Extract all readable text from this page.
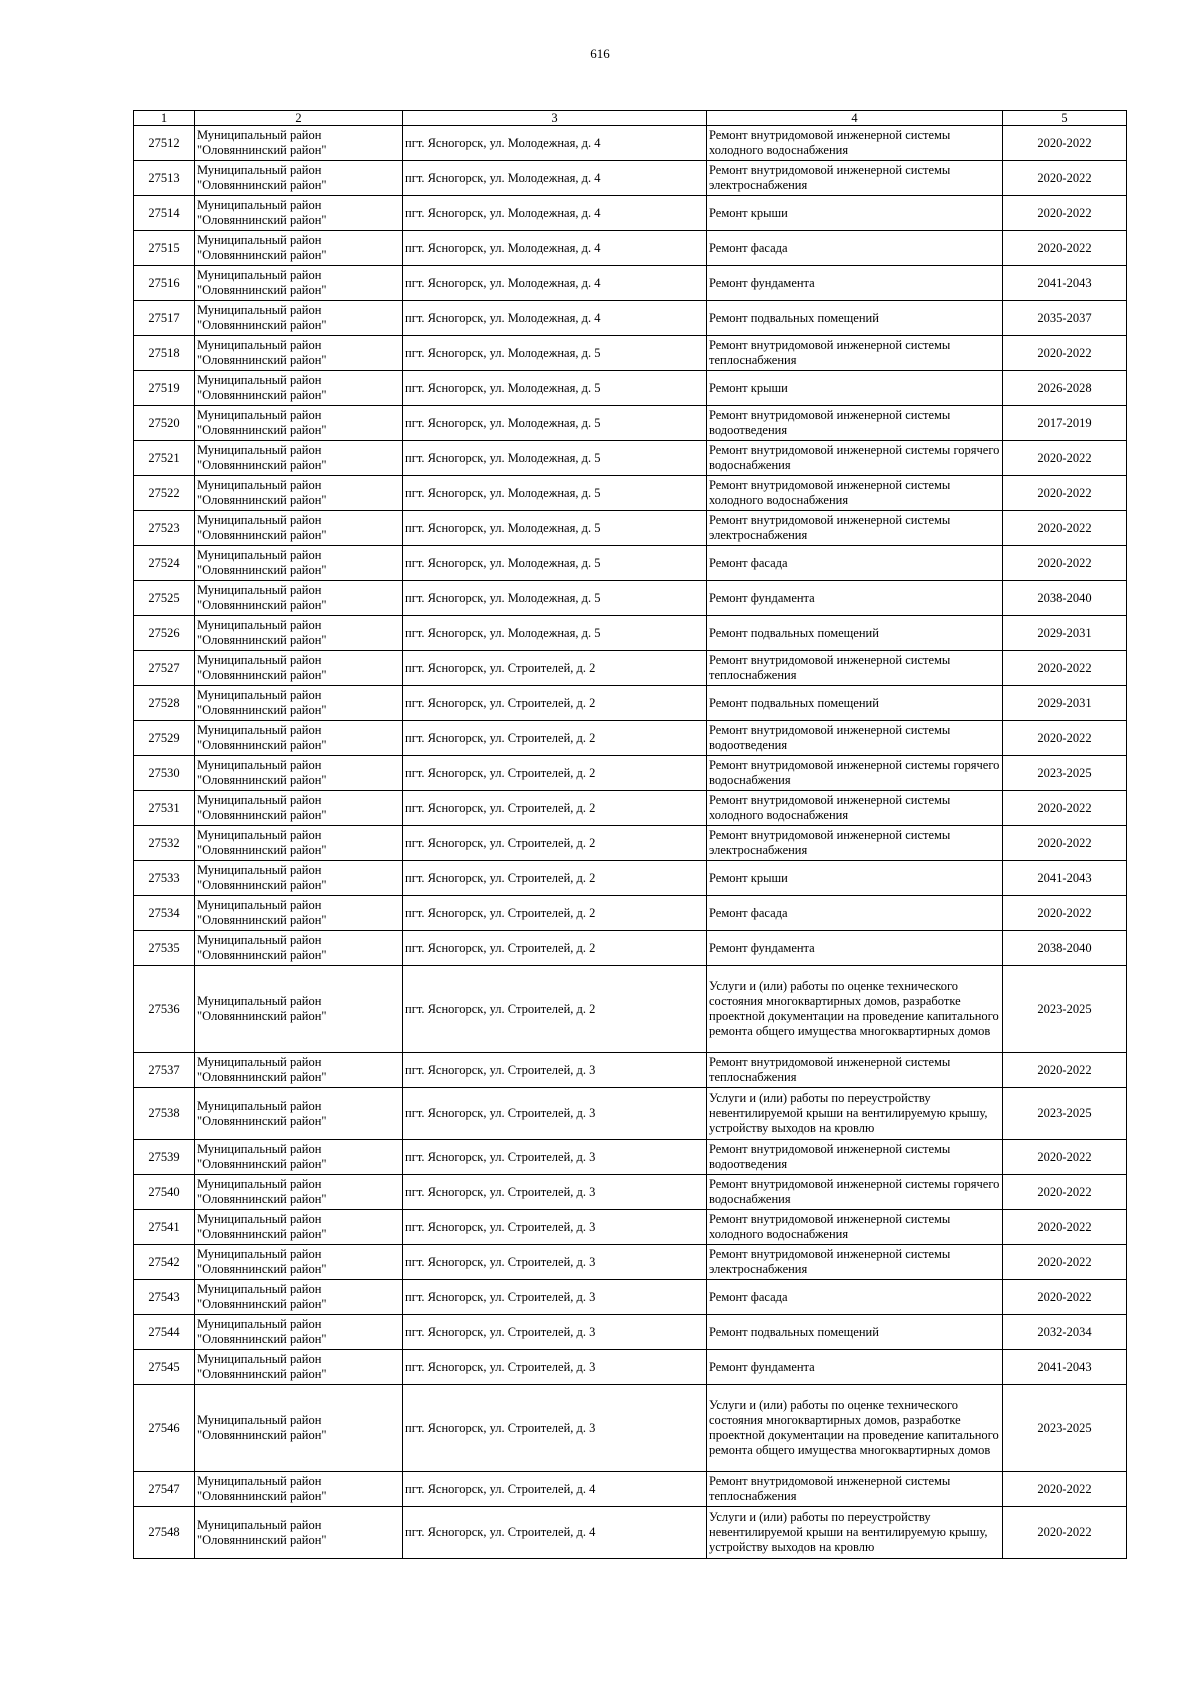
616
1	2	3	4	5
27512	Муниципальный район "Оловяннинский район"	пгт. Ясногорск, ул. Молодежная, д. 4	Ремонт внутридомовой инженерной системы холодного водоснабжения	2020-2022
27513	Муниципальный район "Оловяннинский район"	пгт. Ясногорск, ул. Молодежная, д. 4	Ремонт внутридомовой инженерной системы электроснабжения	2020-2022
27514	Муниципальный район "Оловяннинский район"	пгт. Ясногорск, ул. Молодежная, д. 4	Ремонт крыши	2020-2022
27515	Муниципальный район "Оловяннинский район"	пгт. Ясногорск, ул. Молодежная, д. 4	Ремонт фасада	2020-2022
27516	Муниципальный район "Оловяннинский район"	пгт. Ясногорск, ул. Молодежная, д. 4	Ремонт фундамента	2041-2043
27517	Муниципальный район "Оловяннинский район"	пгт. Ясногорск, ул. Молодежная, д. 4	Ремонт подвальных помещений	2035-2037
27518	Муниципальный район "Оловяннинский район"	пгт. Ясногорск, ул. Молодежная, д. 5	Ремонт внутридомовой инженерной системы теплоснабжения	2020-2022
27519	Муниципальный район "Оловяннинский район"	пгт. Ясногорск, ул. Молодежная, д. 5	Ремонт крыши	2026-2028
27520	Муниципальный район "Оловяннинский район"	пгт. Ясногорск, ул. Молодежная, д. 5	Ремонт внутридомовой инженерной системы водоотведения	2017-2019
27521	Муниципальный район "Оловяннинский район"	пгт. Ясногорск, ул. Молодежная, д. 5	Ремонт внутридомовой инженерной системы горячего водоснабжения	2020-2022
27522	Муниципальный район "Оловяннинский район"	пгт. Ясногорск, ул. Молодежная, д. 5	Ремонт внутридомовой инженерной системы холодного водоснабжения	2020-2022
27523	Муниципальный район "Оловяннинский район"	пгт. Ясногорск, ул. Молодежная, д. 5	Ремонт внутридомовой инженерной системы электроснабжения	2020-2022
27524	Муниципальный район "Оловяннинский район"	пгт. Ясногорск, ул. Молодежная, д. 5	Ремонт фасада	2020-2022
27525	Муниципальный район "Оловяннинский район"	пгт. Ясногорск, ул. Молодежная, д. 5	Ремонт фундамента	2038-2040
27526	Муниципальный район "Оловяннинский район"	пгт. Ясногорск, ул. Молодежная, д. 5	Ремонт подвальных помещений	2029-2031
27527	Муниципальный район "Оловяннинский район"	пгт. Ясногорск, ул. Строителей, д. 2	Ремонт внутридомовой инженерной системы теплоснабжения	2020-2022
27528	Муниципальный район "Оловяннинский район"	пгт. Ясногорск, ул. Строителей, д. 2	Ремонт подвальных помещений	2029-2031
27529	Муниципальный район "Оловяннинский район"	пгт. Ясногорск, ул. Строителей, д. 2	Ремонт внутридомовой инженерной системы водоотведения	2020-2022
27530	Муниципальный район "Оловяннинский район"	пгт. Ясногорск, ул. Строителей, д. 2	Ремонт внутридомовой инженерной системы горячего водоснабжения	2023-2025
27531	Муниципальный район "Оловяннинский район"	пгт. Ясногорск, ул. Строителей, д. 2	Ремонт внутридомовой инженерной системы холодного водоснабжения	2020-2022
27532	Муниципальный район "Оловяннинский район"	пгт. Ясногорск, ул. Строителей, д. 2	Ремонт внутридомовой инженерной системы электроснабжения	2020-2022
27533	Муниципальный район "Оловяннинский район"	пгт. Ясногорск, ул. Строителей, д. 2	Ремонт крыши	2041-2043
27534	Муниципальный район "Оловяннинский район"	пгт. Ясногорск, ул. Строителей, д. 2	Ремонт фасада	2020-2022
27535	Муниципальный район "Оловяннинский район"	пгт. Ясногорск, ул. Строителей, д. 2	Ремонт фундамента	2038-2040
27536	Муниципальный район "Оловяннинский район"	пгт. Ясногорск, ул. Строителей, д. 2	Услуги и (или) работы по оценке технического состояния многоквартирных домов, разработке проектной документации на проведение капитального ремонта общего имущества многоквартирных домов	2023-2025
27537	Муниципальный район "Оловяннинский район"	пгт. Ясногорск, ул. Строителей, д. 3	Ремонт внутридомовой инженерной системы теплоснабжения	2020-2022
27538	Муниципальный район "Оловяннинский район"	пгт. Ясногорск, ул. Строителей, д. 3	Услуги и (или) работы по переустройству невентилируемой крыши на вентилируемую крышу, устройству выходов на кровлю	2023-2025
27539	Муниципальный район "Оловяннинский район"	пгт. Ясногорск, ул. Строителей, д. 3	Ремонт внутридомовой инженерной системы водоотведения	2020-2022
27540	Муниципальный район "Оловяннинский район"	пгт. Ясногорск, ул. Строителей, д. 3	Ремонт внутридомовой инженерной системы горячего водоснабжения	2020-2022
27541	Муниципальный район "Оловяннинский район"	пгт. Ясногорск, ул. Строителей, д. 3	Ремонт внутридомовой инженерной системы холодного водоснабжения	2020-2022
27542	Муниципальный район "Оловяннинский район"	пгт. Ясногорск, ул. Строителей, д. 3	Ремонт внутридомовой инженерной системы электроснабжения	2020-2022
27543	Муниципальный район "Оловяннинский район"	пгт. Ясногорск, ул. Строителей, д. 3	Ремонт фасада	2020-2022
27544	Муниципальный район "Оловяннинский район"	пгт. Ясногорск, ул. Строителей, д. 3	Ремонт подвальных помещений	2032-2034
27545	Муниципальный район "Оловяннинский район"	пгт. Ясногорск, ул. Строителей, д. 3	Ремонт фундамента	2041-2043
27546	Муниципальный район "Оловяннинский район"	пгт. Ясногорск, ул. Строителей, д. 3	Услуги и (или) работы по оценке технического состояния многоквартирных домов, разработке проектной документации на проведение капитального ремонта общего имущества многоквартирных домов	2023-2025
27547	Муниципальный район "Оловяннинский район"	пгт. Ясногорск, ул. Строителей, д. 4	Ремонт внутридомовой инженерной системы теплоснабжения	2020-2022
27548	Муниципальный район "Оловяннинский район"	пгт. Ясногорск, ул. Строителей, д. 4	Услуги и (или) работы по переустройству невентилируемой крыши на вентилируемую крышу, устройству выходов на кровлю	2020-2022
